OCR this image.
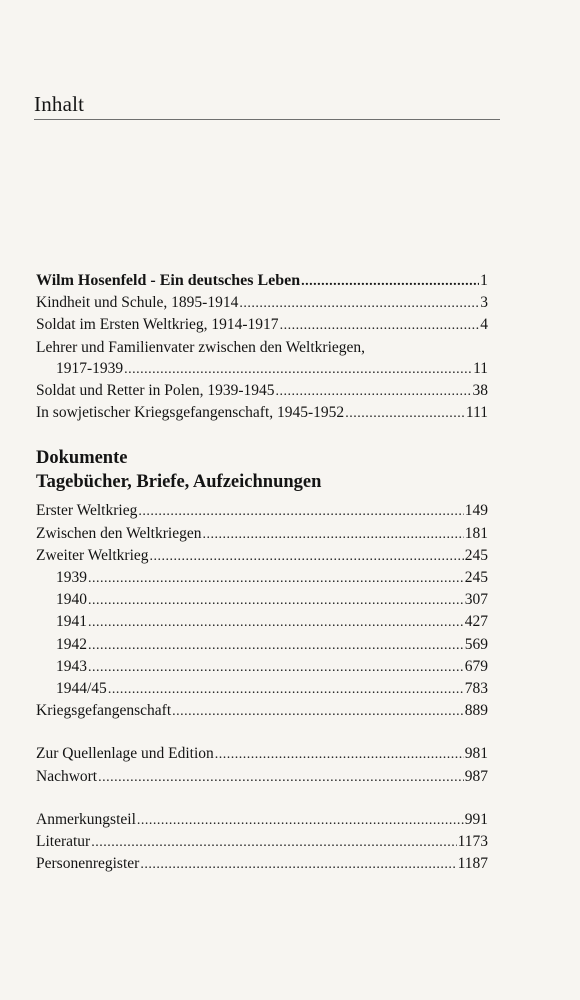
Inhalt
Wilm Hosenfeld - Ein deutsches Leben .....	1
Kindheit und Schule, 1895-1914 .....	3
Soldat im Ersten Weltkrieg, 1914-1917 .....	4
Lehrer und Familienvater zwischen den Weltkriegen,
1917-1939 .....	11
Soldat und Retter in Polen, 1939-1945 .....	38
In sowjetischer Kriegsgefangenschaft, 1945-1952 .....	111
Dokumente
Tagebücher, Briefe, Aufzeichnungen
Erster Weltkrieg .....	149
Zwischen den Weltkriegen .....	181
Zweiter Weltkrieg .....	245
1939 .....	245
1940 .....	307
1941 .....	427
1942 .....	569
1943 .....	679
1944/45 .....	783
Kriegsgefangenschaft .....	889
Zur Quellenlage und Edition .....	981
Nachwort .....	987
Anmerkungsteil .....	991
Literatur .....	1173
Personenregister .....	1187
